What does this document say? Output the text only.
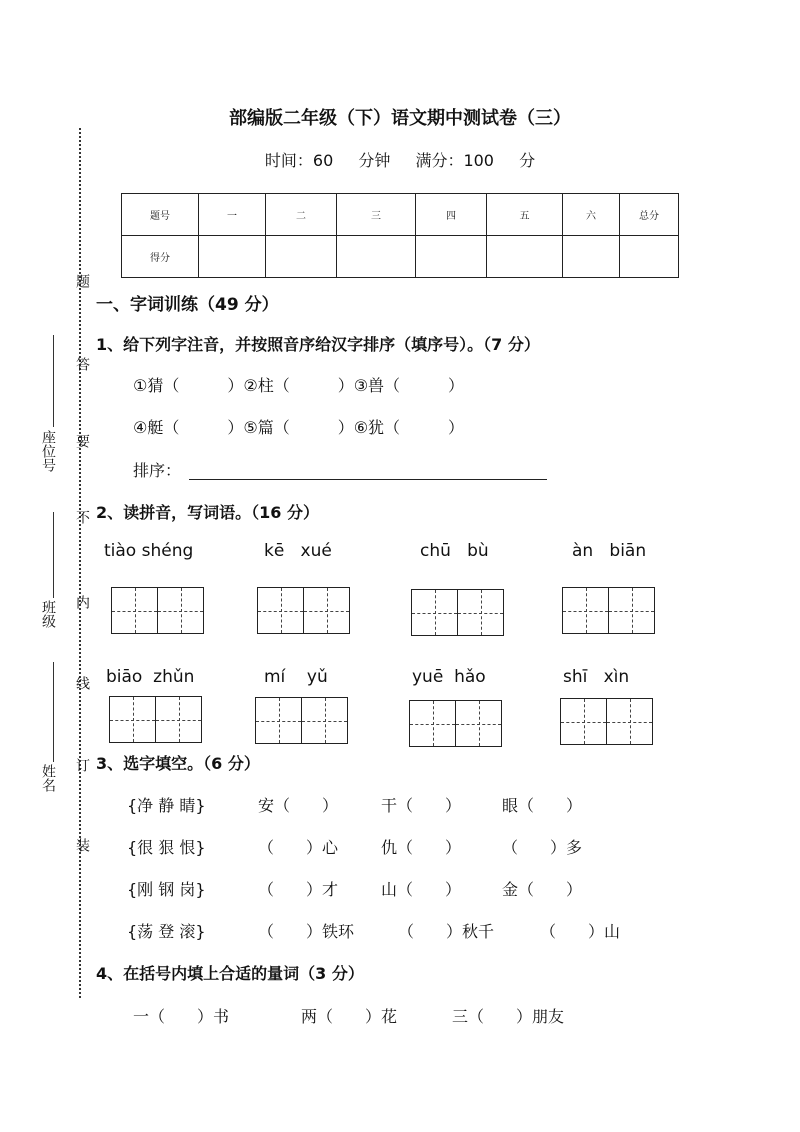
部编版二年级（下）语文期中测试卷（三）
时间：60 分钟 满分：100 分
题号	一	二	三	四	五	六	总分
得分							
题
答
要
不
内
线
订
装
座位号
班级
姓名
一、字词训练（49 分）
1、给下列字注音，并按照音序给汉字排序（填序号）。（7 分）
①猜（　　　）②柱（　　　）③兽（　　　）
④艇（　　　）⑤篇（　　　）⑥犹（　　　）
排序：
2、读拼音，写词语。（16 分）
tiào shéng	kē   xué	chū   bù	àn   biān
biāo  zhǔn	mí    yǔ	yuē  hǎo	shī   xìn
3、选字填空。（6 分）
{净 静 睛}	安（　　）	干（　　）	眼（　　）
{很 狠 恨}	（　　）心	仇（　　）	（　　）多
{刚 钢 岗}	（　　）才	山（　　）	金（　　）
{荡 登 滚}	（　　）铁环	（　　）秋千	（　　）山
4、在括号内填上合适的量词（3 分）
一（　　）书	两（　　）花	三（　　）朋友
